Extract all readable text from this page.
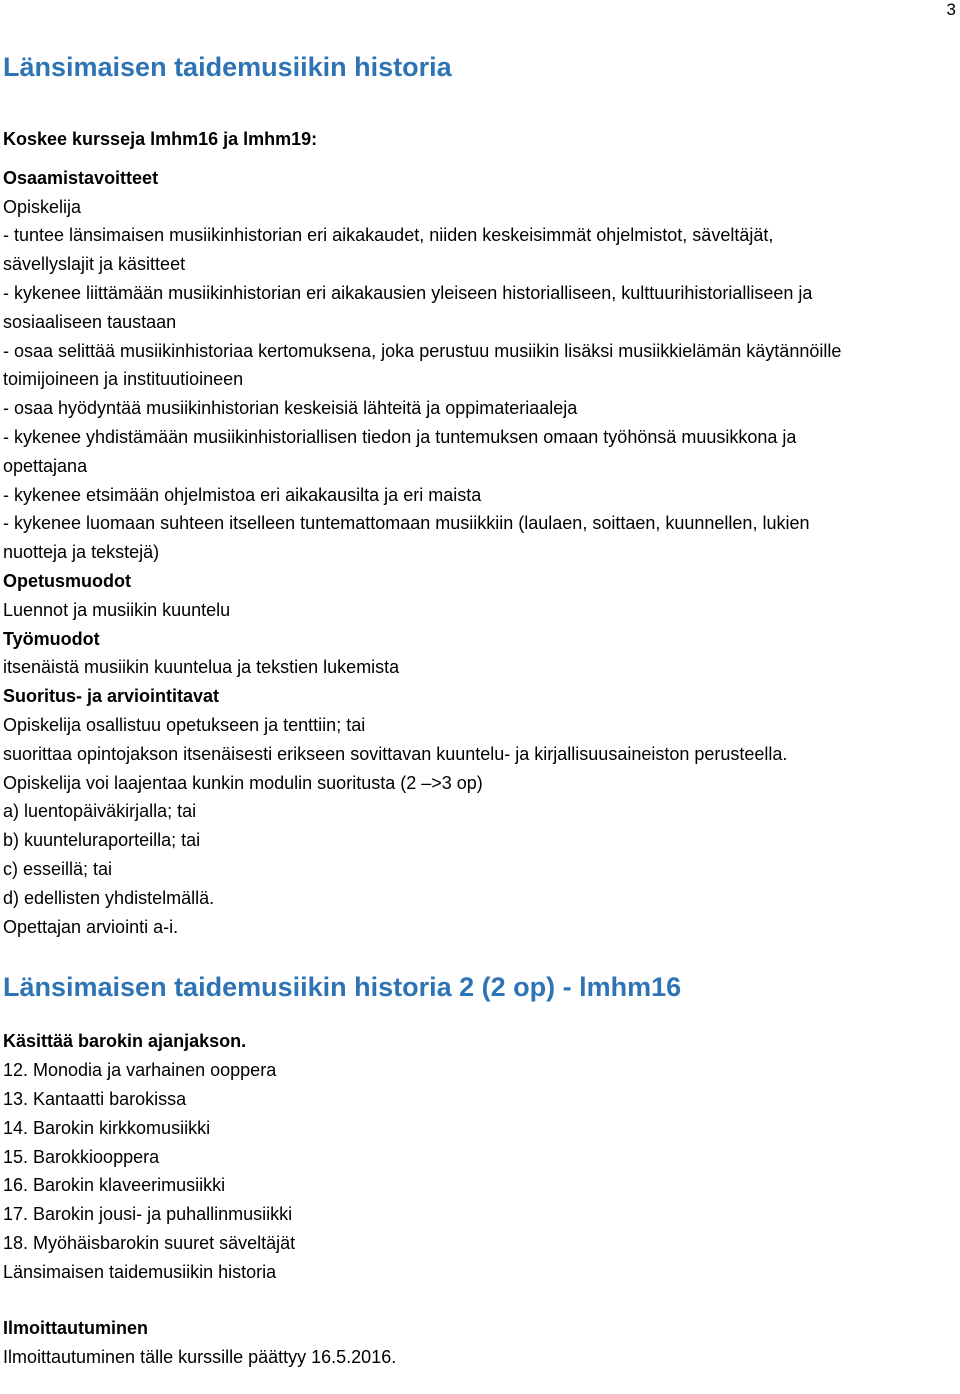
3
Länsimaisen taidemusiikin historia

Koskee kursseja lmhm16 ja lmhm19:

Osaamistavoitteet

Opiskelija

- tuntee länsimaisen musiikinhistorian eri aikakaudet, niiden keskeisimmät ohjelmistot, säveltäjät,

sävellyslajit ja käsitteet

- kykenee liittämään musiikinhistorian eri aikakausien yleiseen historialliseen, kulttuurihistorialliseen ja

sosiaaliseen taustaan

- osaa selittää musiikinhistoriaa kertomuksena, joka perustuu musiikin lisäksi musiikkielämän käytännöille

toimijoineen ja instituutioineen

- osaa hyödyntää musiikinhistorian keskeisiä lähteitä ja oppimateriaaleja

- kykenee yhdistämään musiikinhistoriallisen tiedon ja tuntemuksen omaan työhönsä muusikkona ja

opettajana

- kykenee etsimään ohjelmistoa eri aikakausilta ja eri maista

- kykenee luomaan suhteen itselleen tuntemattomaan musiikkiin (laulaen, soittaen, kuunnellen, lukien

nuotteja ja tekstejä)

Opetusmuodot

Luennot ja musiikin kuuntelu

Työmuodot

itsenäistä musiikin kuuntelua ja tekstien lukemista

Suoritus- ja arviointitavat

Opiskelija osallistuu opetukseen ja tenttiin; tai

suorittaa opintojakson itsenäisesti erikseen sovittavan kuuntelu- ja kirjallisuusaineiston perusteella.

Opiskelija voi laajentaa kunkin modulin suoritusta (2 –>3 op)

a) luentopäiväkirjalla; tai

b) kuunteluraporteilla; tai

c) esseillä; tai

d) edellisten yhdistelmällä.

Opettajan arviointi a-i.

Länsimaisen taidemusiikin historia 2 (2 op) - lmhm16

Käsittää barokin ajanjakson.

12. Monodia ja varhainen ooppera

13. Kantaatti barokissa

14. Barokin kirkkomusiikki

15. Barokkiooppera

16. Barokin klaveerimusiikki

17. Barokin jousi- ja puhallinmusiikki

18. Myöhäisbarokin suuret säveltäjät

Länsimaisen taidemusiikin historia

Ilmoittautuminen

Ilmoittautuminen tälle kurssille päättyy 16.5.2016.
